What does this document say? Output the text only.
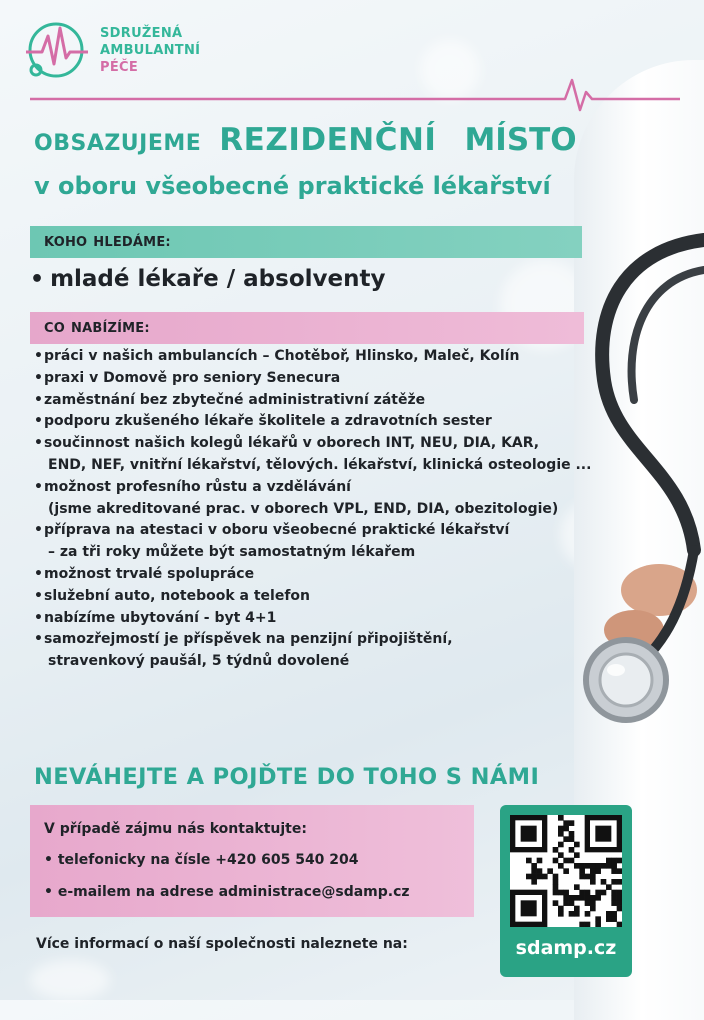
SDRUŽENÁ
AMBULANTNÍ
PÉČE
OBSAZUJEME REZIDENČNÍ MÍSTO
v oboru všeobecné praktické lékařství
KOHO HLEDÁME:
• mladé lékaře / absolventy
CO NABÍZÍME:
•práci v našich ambulancích – Chotěboř, Hlinsko, Maleč, Kolín
•praxi v Domově pro seniory Senecura
•zaměstnání bez zbytečné administrativní zátěže
•podporu zkušeného lékaře školitele a zdravotních sester
•součinnost našich kolegů lékařů v oborech INT, NEU, DIA, KAR,
END, NEF, vnitřní lékařství, tělových. lékařství, klinická osteologie ...
•možnost profesního růstu a vzdělávání
(jsme akreditované prac. v oborech VPL, END, DIA, obezitologie)
•příprava na atestaci v oboru všeobecné praktické lékařství
– za tři roky můžete být samostatným lékařem
•možnost trvalé spolupráce
•služební auto, notebook a telefon
•nabízíme ubytování - byt 4+1
•samozřejmostí je příspěvek na penzijní připojištění,
stravenkový paušál, 5 týdnů dovolené
NEVÁHEJTE A POJĎTE DO TOHO S NÁMI
V případě zájmu nás kontaktujte:
• telefonicky na čísle +420 605 540 204
• e-mailem na adrese administrace@sdamp.cz
Více informací o naší společnosti naleznete na:	sdamp.cz
